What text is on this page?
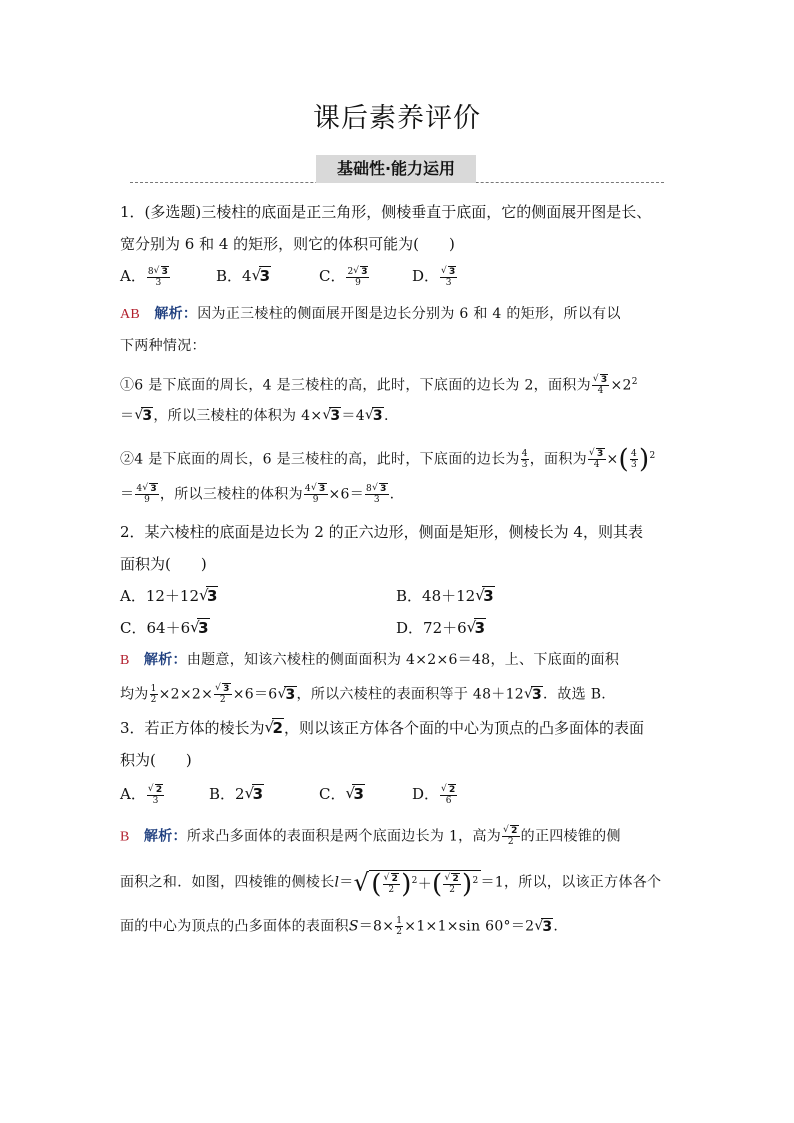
课后素养评价
基础性·能力运用
1．(多选题)三棱柱的底面是正三角形，侧棱垂直于底面，它的侧面展开图是长、
宽分别为 6 和 4 的矩形，则它的体积可能为(　　)
A． $\frac{8√ 3}{3}$	B．4√ 3	C． $\frac{2√ 3}{9}$	D．
√ $\frac{3}{3}$
AB 解析：因为正三棱柱的侧面展开图是边长分别为 6 和 4 的矩形，所以有以
下两种情况：
①6 是下底面的周长，4 是三棱柱的高，此时，下底面的边长为 2，面积为
√ $\frac{3}{4} \times 2^2$
＝√ 3，所以三棱柱的体积为 4×√ 3＝4√ 3.
②4 是下底面的周长，6 是三棱柱的高，此时，下底面的边长为 $\frac{4}{3}$ ，面积为
√ $\frac{3}{4}$ ×( $\frac{4}{3} )^2$
＝ $\frac{4√ 3}{9}$ ，所以三棱柱的体积为 $\frac{4√ 3}{9} \times 6= \frac{8√ 3}{3}$ .
2．某六棱柱的底面是边长为 2 的正六边形，侧面是矩形，侧棱长为 4，则其表
面积为(　　)
A．12＋12√ 3	B．48＋12√ 3
C．64＋6√ 3	D．72＋6√ 3
B 解析：由题意，知该六棱柱的侧面面积为 4×2×6＝48，上、下底面的面积
均为 $\frac{1}{2} \times 2\times 2\times$
√ $\frac{3}{2} \times 6=6√$ 3，所以六棱柱的表面积等于 48＋12√ 3．故选 B.
3．若正方体的棱长为√ 2，则以该正方体各个面的中心为顶点的凸多面体的表面
积为(　　)
A．
√ $\frac{2}{3}$	B．2√ 3	C．√ 3	D．
√ $\frac{2}{6}$
B 解析：所求凸多面体的表面积是两个底面边长为 1，高为
√ $\frac{2}{2}$ 的正四棱锥的侧
面积之和．如图，四棱锥的侧棱长l＝√(
√ $\frac{2}{2} )^2+$(
√ $\frac{2}{2} )^2 =1$，所以，以该正方体各个
面的中心为顶点的凸多面体的表面积$S=8\times \frac{1}{2} \times 1\times 1\times\sin$ 60°＝2√ 3.
